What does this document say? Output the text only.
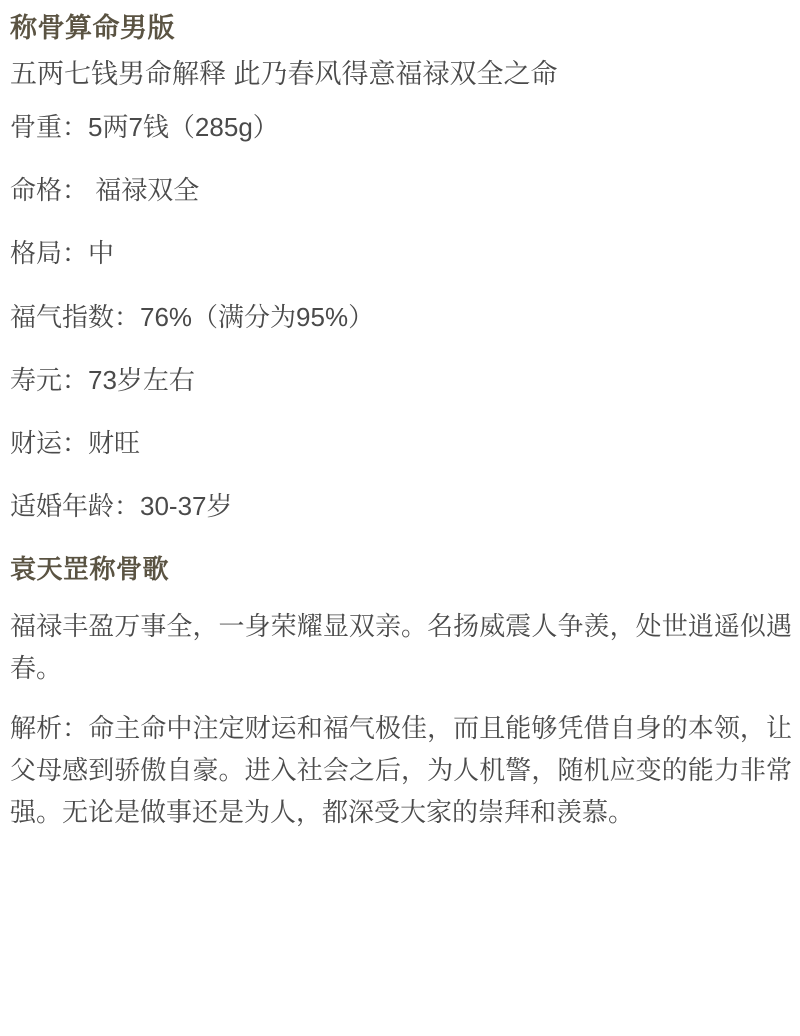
称骨算命男版
五两七钱男命解释 此乃春风得意福禄双全之命
骨重：5两7钱（285g）
命格： 福禄双全
格局：中
福气指数：76%（满分为95%）
寿元：73岁左右
财运：财旺
适婚年龄：30-37岁
袁天罡称骨歌

福禄丰盈万事全，一身荣耀显双亲。名扬威震人争羡，处世逍遥似遇春。

解析：命主命中注定财运和福气极佳，而且能够凭借自身的本领，让父母感到骄傲自豪。进入社会之后，为人机警，随机应变的能力非常强。无论是做事还是为人，都深受大家的崇拜和羡慕。
